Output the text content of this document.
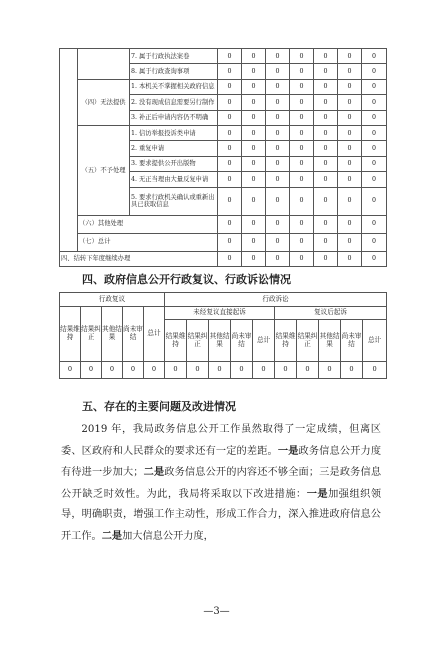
		7. 属于行政执法案卷	0	0	0	0	0	0	0
		8. 属于行政查询事项	0	0	0	0	0	0	0
	（四）无法提供	1. 本机关不掌握相关政府信息	0	0	0	0	0	0	0
		2. 没有现成信息需要另行制作	0	0	0	0	0	0	0
		3. 补正后申请内容仍不明确	0	0	0	0	0	0	0
	（五）不予处理	1. 信访举报投诉类申请	0	0	0	0	0	0	0
		2. 重复申请	0	0	0	0	0	0	0
		3. 要求提供公开出版物	0	0	0	0	0	0	0
		4. 无正当理由大量反复申请	0	0	0	0	0	0	0
		5. 要求行政机关确认或重新出具已获取信息	0	0	0	0	0	0	0
	（六）其他处理		0	0	0	0	0	0	0
	（七）总计		0	0	0	0	0	0	0
四、结转下年度继续办理			0	0	0	0	0	0	0
四、政府信息公开行政复议、行政诉讼情况
行政复议					行政诉讼									
结果维持	结果纠正	其他结果	尚未审结	总计	未经复议直接起诉					复议后起诉				
					结果维持	结果纠正	其他结果	尚未审结	总计	结果维持	结果纠正	其他结果	尚未审结	总计
0	0	0	0	0	0	0	0	0	0	0	0	0	0	0
五、存在的主要问题及改进情况
2019 年，我局政务信息公开工作虽然取得了一定成绩，但离区委、区政府和人民群众的要求还有一定的差距。一是政务信息公开力度有待进一步加大；二是政务信息公开的内容还不够全面；三是政务信息公开缺乏时效性。为此，我局将采取以下改进措施：一是加强组织领导，明确职责，增强工作主动性，形成工作合力，深入推进政府信息公开工作。二是加大信息公开力度，
—3—
